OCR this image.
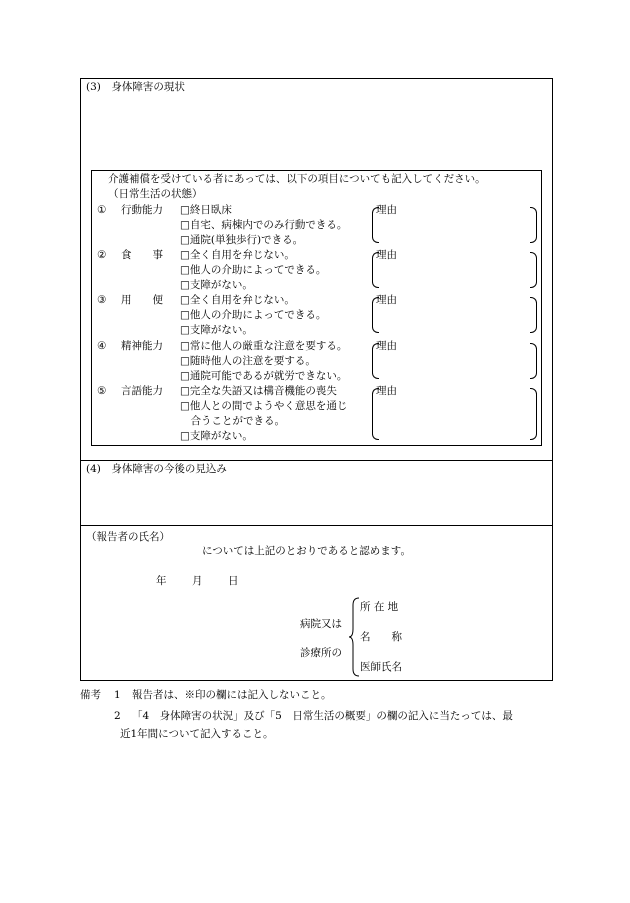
(3)　身体障害の現状
介護補償を受けている者にあっては、以下の項目についても記入してください。
（日常生活の状態）
①	行動能力	□終日臥床
□自宅、病棟内でのみ行動できる。
□通院(単独歩行)できる。
理由
②	食　　事	□全く自用を弁じない。
□他人の介助によってできる。
□支障がない。
理由
③	用　　便	□全く自用を弁じない。
□他人の介助によってできる。
□支障がない。
理由
④	精神能力	□常に他人の厳重な注意を要する。
□随時他人の注意を要する。
□通院可能であるが就労できない。
理由
⑤	言語能力	□完全な失語又は構音機能の喪失
□他人との間でようやく意思を通じ
　合うことができる。
□支障がない。
理由
(4)　身体障害の今後の見込み
（報告者の氏名）
については上記のとおりであると認めます。
年 月 日
病院又は
診療所の
所 在 地
名　　称
医師氏名
備考 1 報告者は、※印の欄には記入しないこと。
2 「4　身体障害の状況」及び「5　日常生活の概要」の欄の記入に当たっては、最
近1年間について記入すること。
